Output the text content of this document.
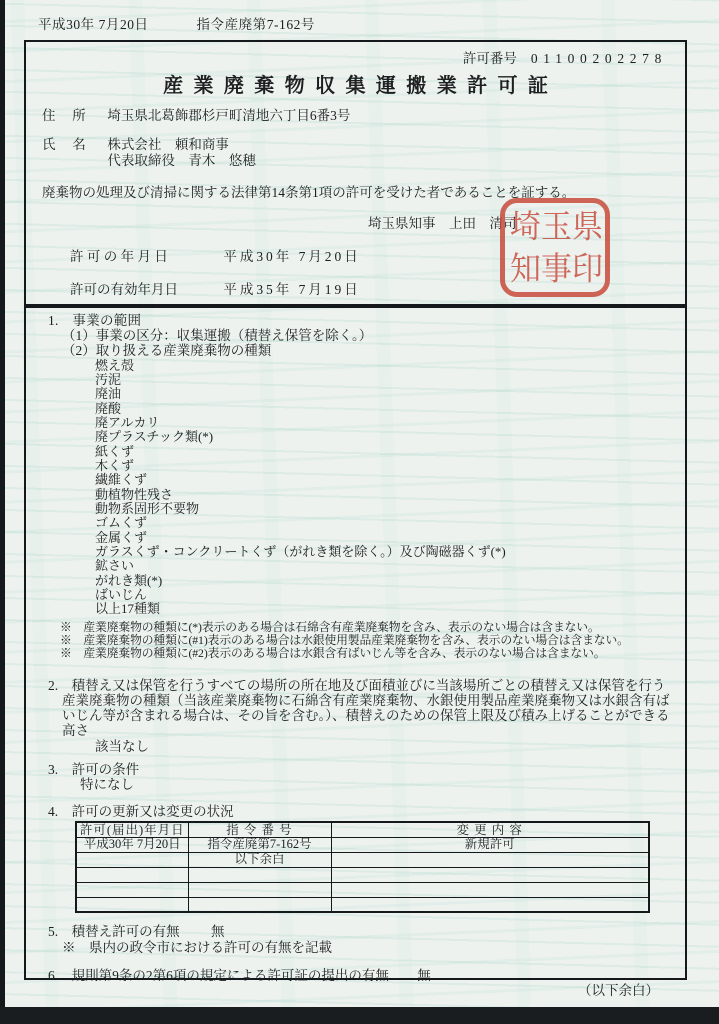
平成30年 7月20日	指令産廃第7-162号
許可番号 01100202278
産業廃棄物収集運搬業許可証
住　所 埼玉県北葛飾郡杉戸町清地六丁目6番3号
氏　名 株式会社　頼和商事
代表取締役　青木　悠穂
廃棄物の処理及び清掃に関する法律第14条第1項の許可を受けた者であることを証する。
埼玉県知事　上田　清司
埼 玉 県
知 事 印
許 可 の 年 月 日	平成30年 7月20日
許可の有効年月日	平成35年 7月19日
1.　事業の範囲
（1）事業の区分：収集運搬（積替え保管を除く。）
（2）取り扱える産業廃棄物の種類
燃え殻
汚泥
廃油
廃酸
廃アルカリ
廃プラスチック類(*)
紙くず
木くず
繊維くず
動植物性残さ
動物系固形不要物
ゴムくず
金属くず
ガラスくず・コンクリートくず（がれき類を除く。）及び陶磁器くず(*)
鉱さい
がれき類(*)
ばいじん
以上17種類
※　産業廃棄物の種類に(*)表示のある場合は石綿含有産業廃棄物を含み、表示のない場合は含まない。
※　産業廃棄物の種類に(#1)表示のある場合は水銀使用製品産業廃棄物を含み、表示のない場合は含まない。
※　産業廃棄物の種類に(#2)表示のある場合は水銀含有ばいじん等を含み、表示のない場合は含まない。
2.　積替え又は保管を行うすべての場所の所在地及び面積並びに当該場所ごとの積替え又は保管を行う産業廃棄物の種類（当該産業廃棄物に石綿含有産業廃棄物、水銀使用製品産業廃棄物又は水銀含有ばいじん等が含まれる場合は、その旨を含む。）、積替えのための保管上限及び積み上げることができる高さ
該当なし
3.　許可の条件
特になし
4.　許可の更新又は変更の状況
許可(届出)年月日	指 令 番 号	変 更 内 容
平成30年 7月20日	指令産廃第7-162号	新規許可
	以下余白	

5.　積替え許可の有無 無
※　県内の政令市における許可の有無を記載
6.　規則第9条の2第6項の規定による許可証の提出の有無 無
（以下余白）
